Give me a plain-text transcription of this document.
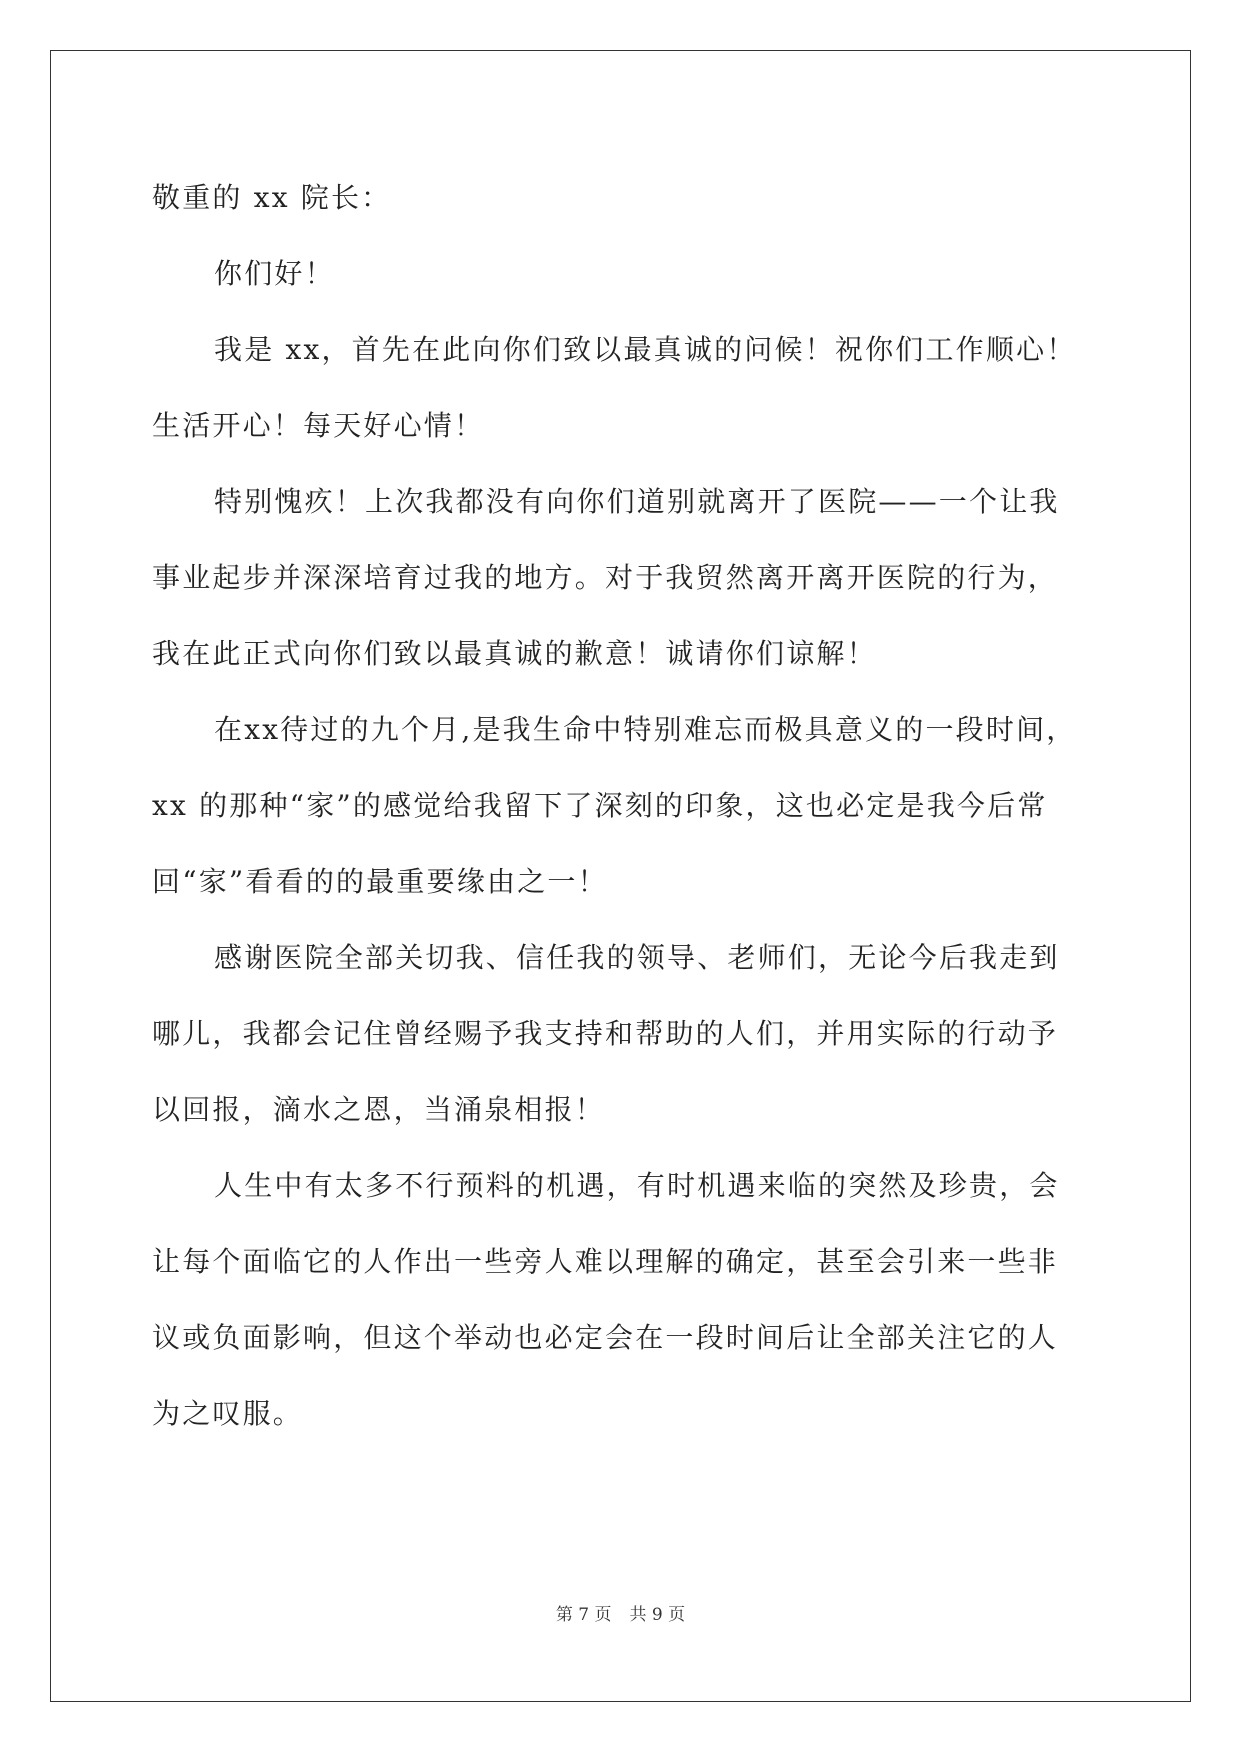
敬重的 xx 院长：
你们好！
我是 xx，首先在此向你们致以最真诚的问候！祝你们工作顺心！
生活开心！每天好心情！
特别愧疚！上次我都没有向你们道别就离开了医院——一个让我
事业起步并深深培育过我的地方。对于我贸然离开离开医院的行为，
我在此正式向你们致以最真诚的歉意！诚请你们谅解！
在xx待过的九个月,是我生命中特别难忘而极具意义的一段时间，
xx 的那种“家”的感觉给我留下了深刻的印象，这也必定是我今后常
回“家”看看的的最重要缘由之一！
感谢医院全部关切我、信任我的领导、老师们，无论今后我走到
哪儿，我都会记住曾经赐予我支持和帮助的人们，并用实际的行动予
以回报，滴水之恩，当涌泉相报！
人生中有太多不行预料的机遇，有时机遇来临的突然及珍贵，会
让每个面临它的人作出一些旁人难以理解的确定，甚至会引来一些非
议或负面影响，但这个举动也必定会在一段时间后让全部关注它的人
为之叹服。
第 7 页 共 9 页
